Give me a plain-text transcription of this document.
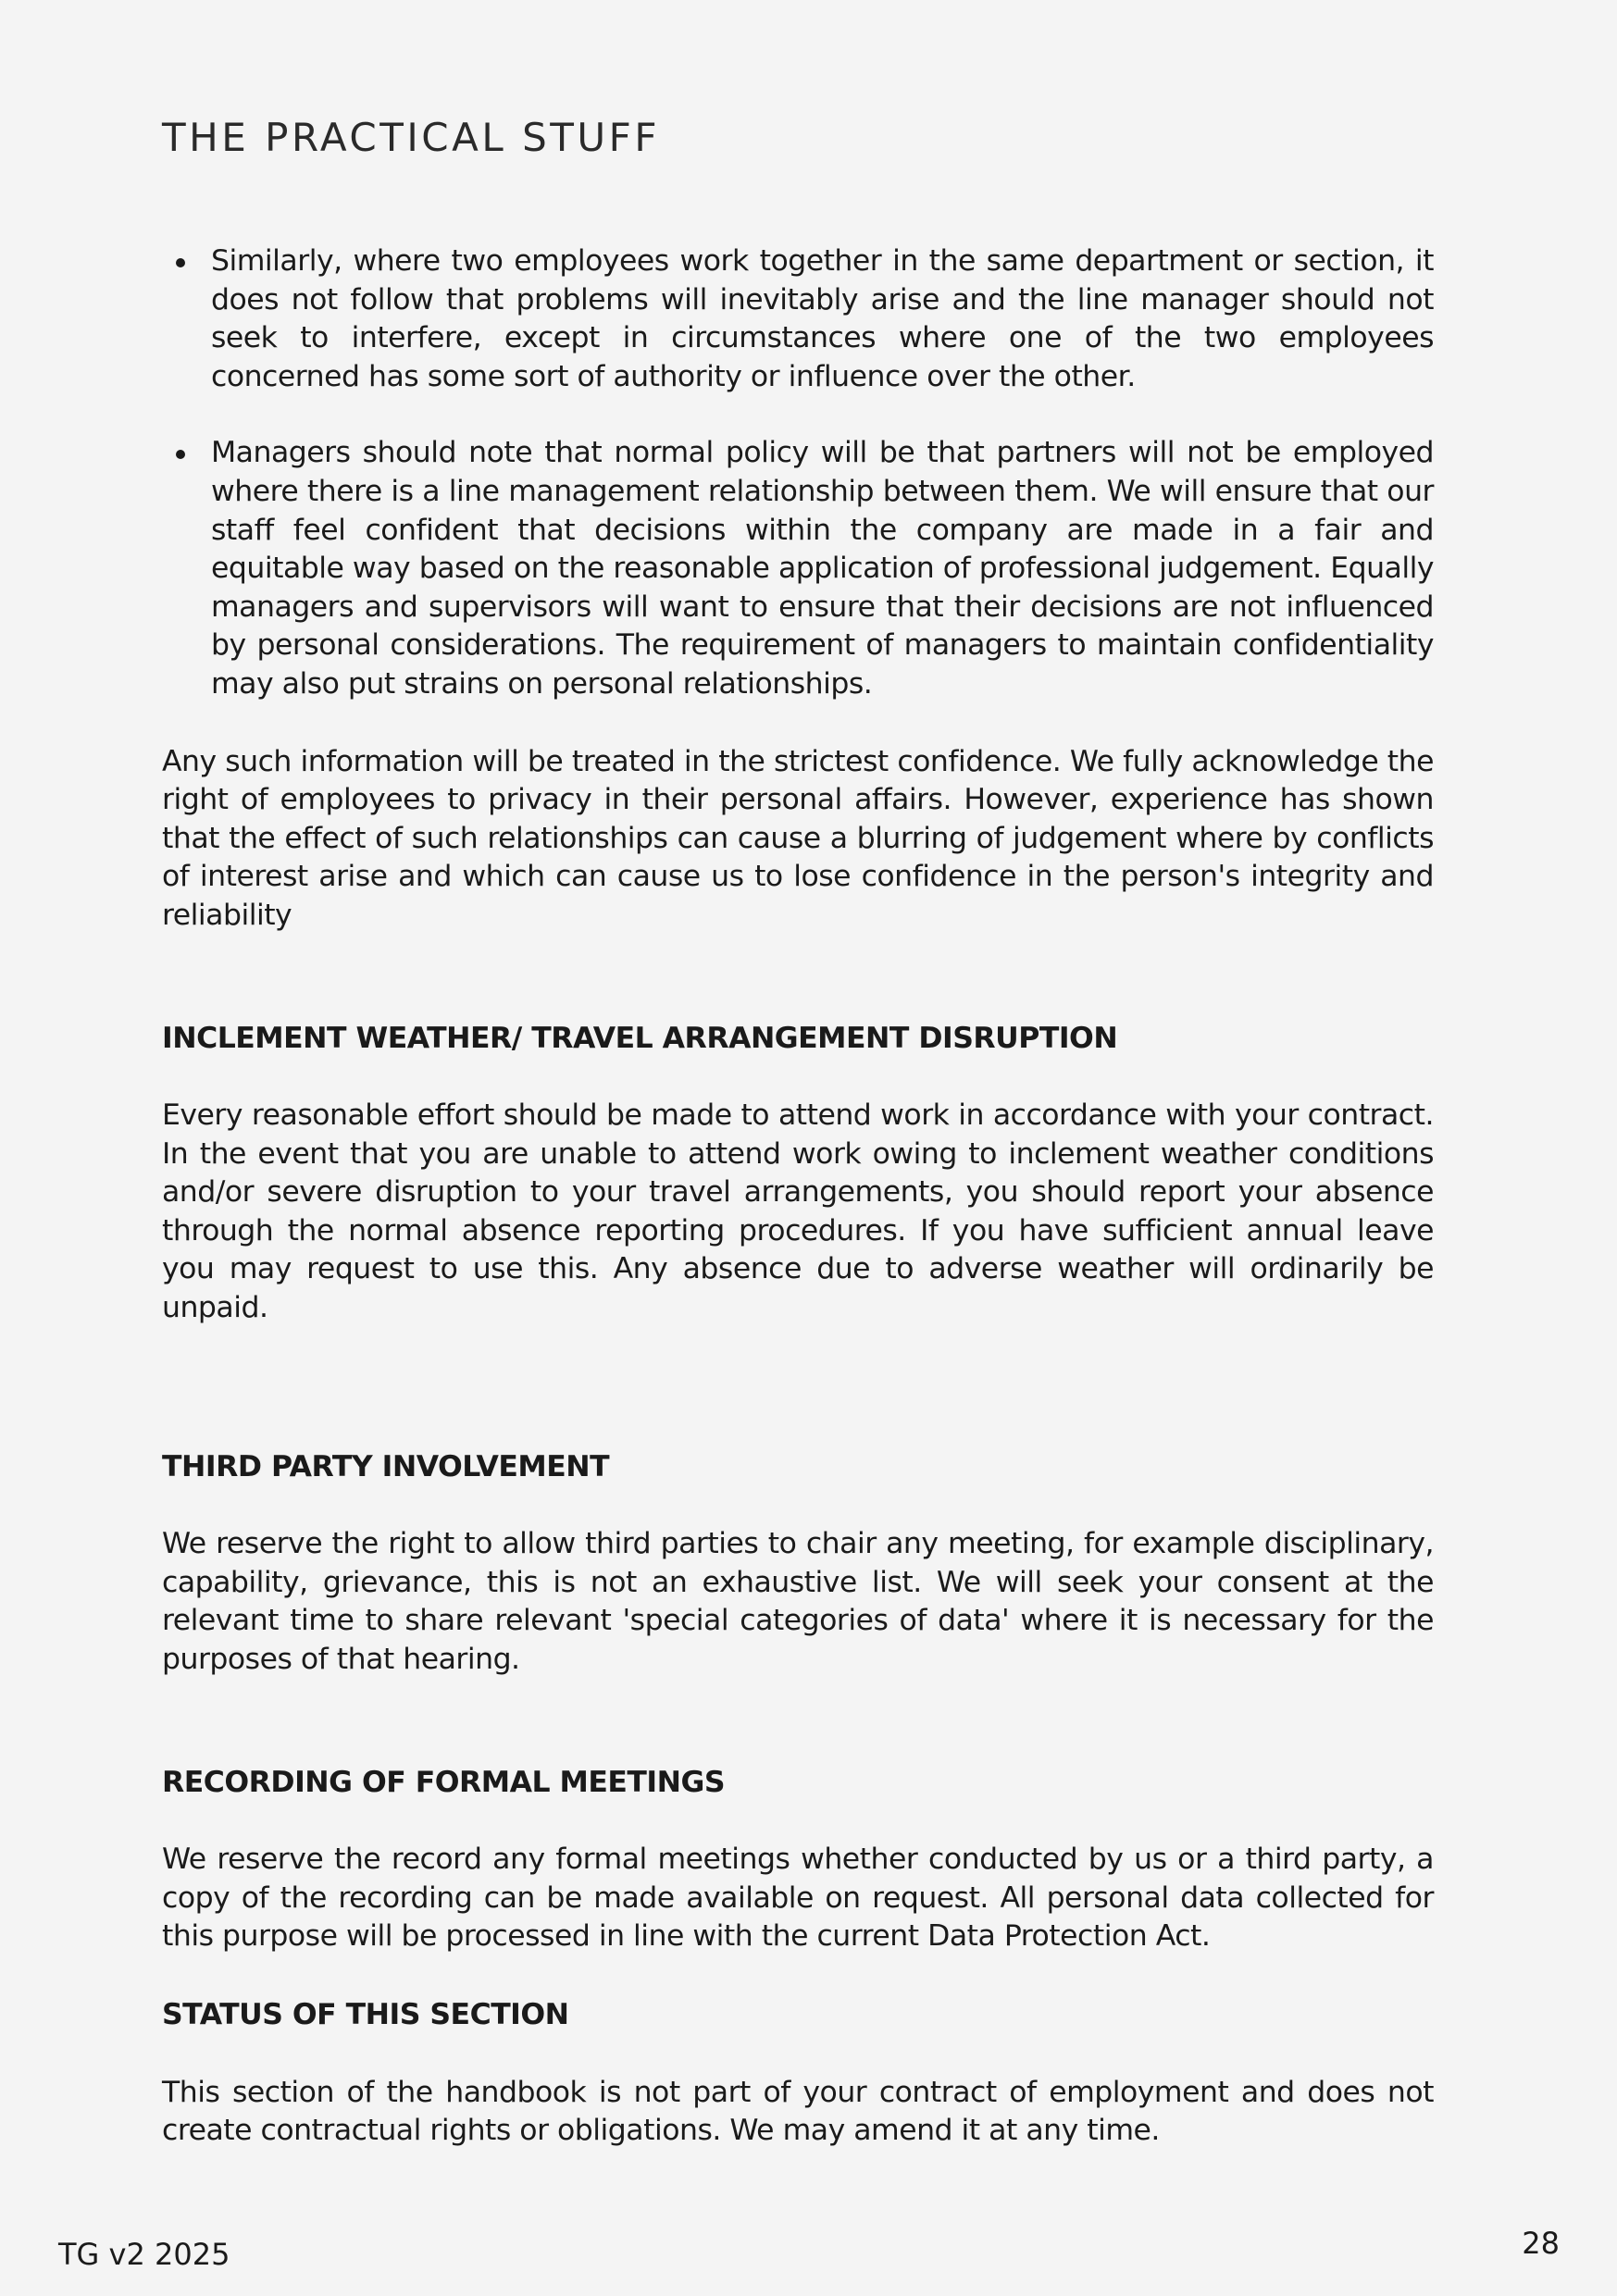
THE PRACTICAL STUFF
Similarly, where two employees work together in the same department or section, it does not follow that problems will inevitably arise and the line manager should not seek to interfere, except in circumstances where one of the two employees concerned has some sort of authority or influence over the other.
Managers should note that normal policy will be that partners will not be employed where there is a line management relationship between them. We will ensure that our staff feel confident that decisions within the company are made in a fair and equitable way based on the reasonable application of professional judgement. Equally managers and supervisors will want to ensure that their decisions are not influenced by personal considerations. The requirement of managers to maintain confidentiality may also put strains on personal relationships.

Any such information will be treated in the strictest confidence. We fully acknowledge the right of employees to privacy in their personal affairs. However, experience has shown that the effect of such relationships can cause a blurring of judgement where by conflicts of interest arise and which can cause us to lose confidence in the person's integrity and reliability

INCLEMENT WEATHER/ TRAVEL ARRANGEMENT DISRUPTION

Every reasonable effort should be made to attend work in accordance with your contract. In the event that you are unable to attend work owing to inclement weather conditions and/or severe disruption to your travel arrangements, you should report your absence through the normal absence reporting procedures. If you have sufficient annual leave you may request to use this. Any absence due to adverse weather will ordinarily be unpaid.

THIRD PARTY INVOLVEMENT

We reserve the right to allow third parties to chair any meeting, for example disciplinary, capability, grievance, this is not an exhaustive list. We will seek your consent at the relevant time to share relevant 'special categories of data' where it is necessary for the purposes of that hearing.

RECORDING OF FORMAL MEETINGS

We reserve the record any formal meetings whether conducted by us or a third party, a copy of the recording can be made available on request. All personal data collected for this purpose will be processed in line with the current Data Protection Act.

STATUS OF THIS SECTION

This section of the handbook is not part of your contract of employment and does not create contractual rights or obligations. We may amend it at any time.

TG v2 2025	28
